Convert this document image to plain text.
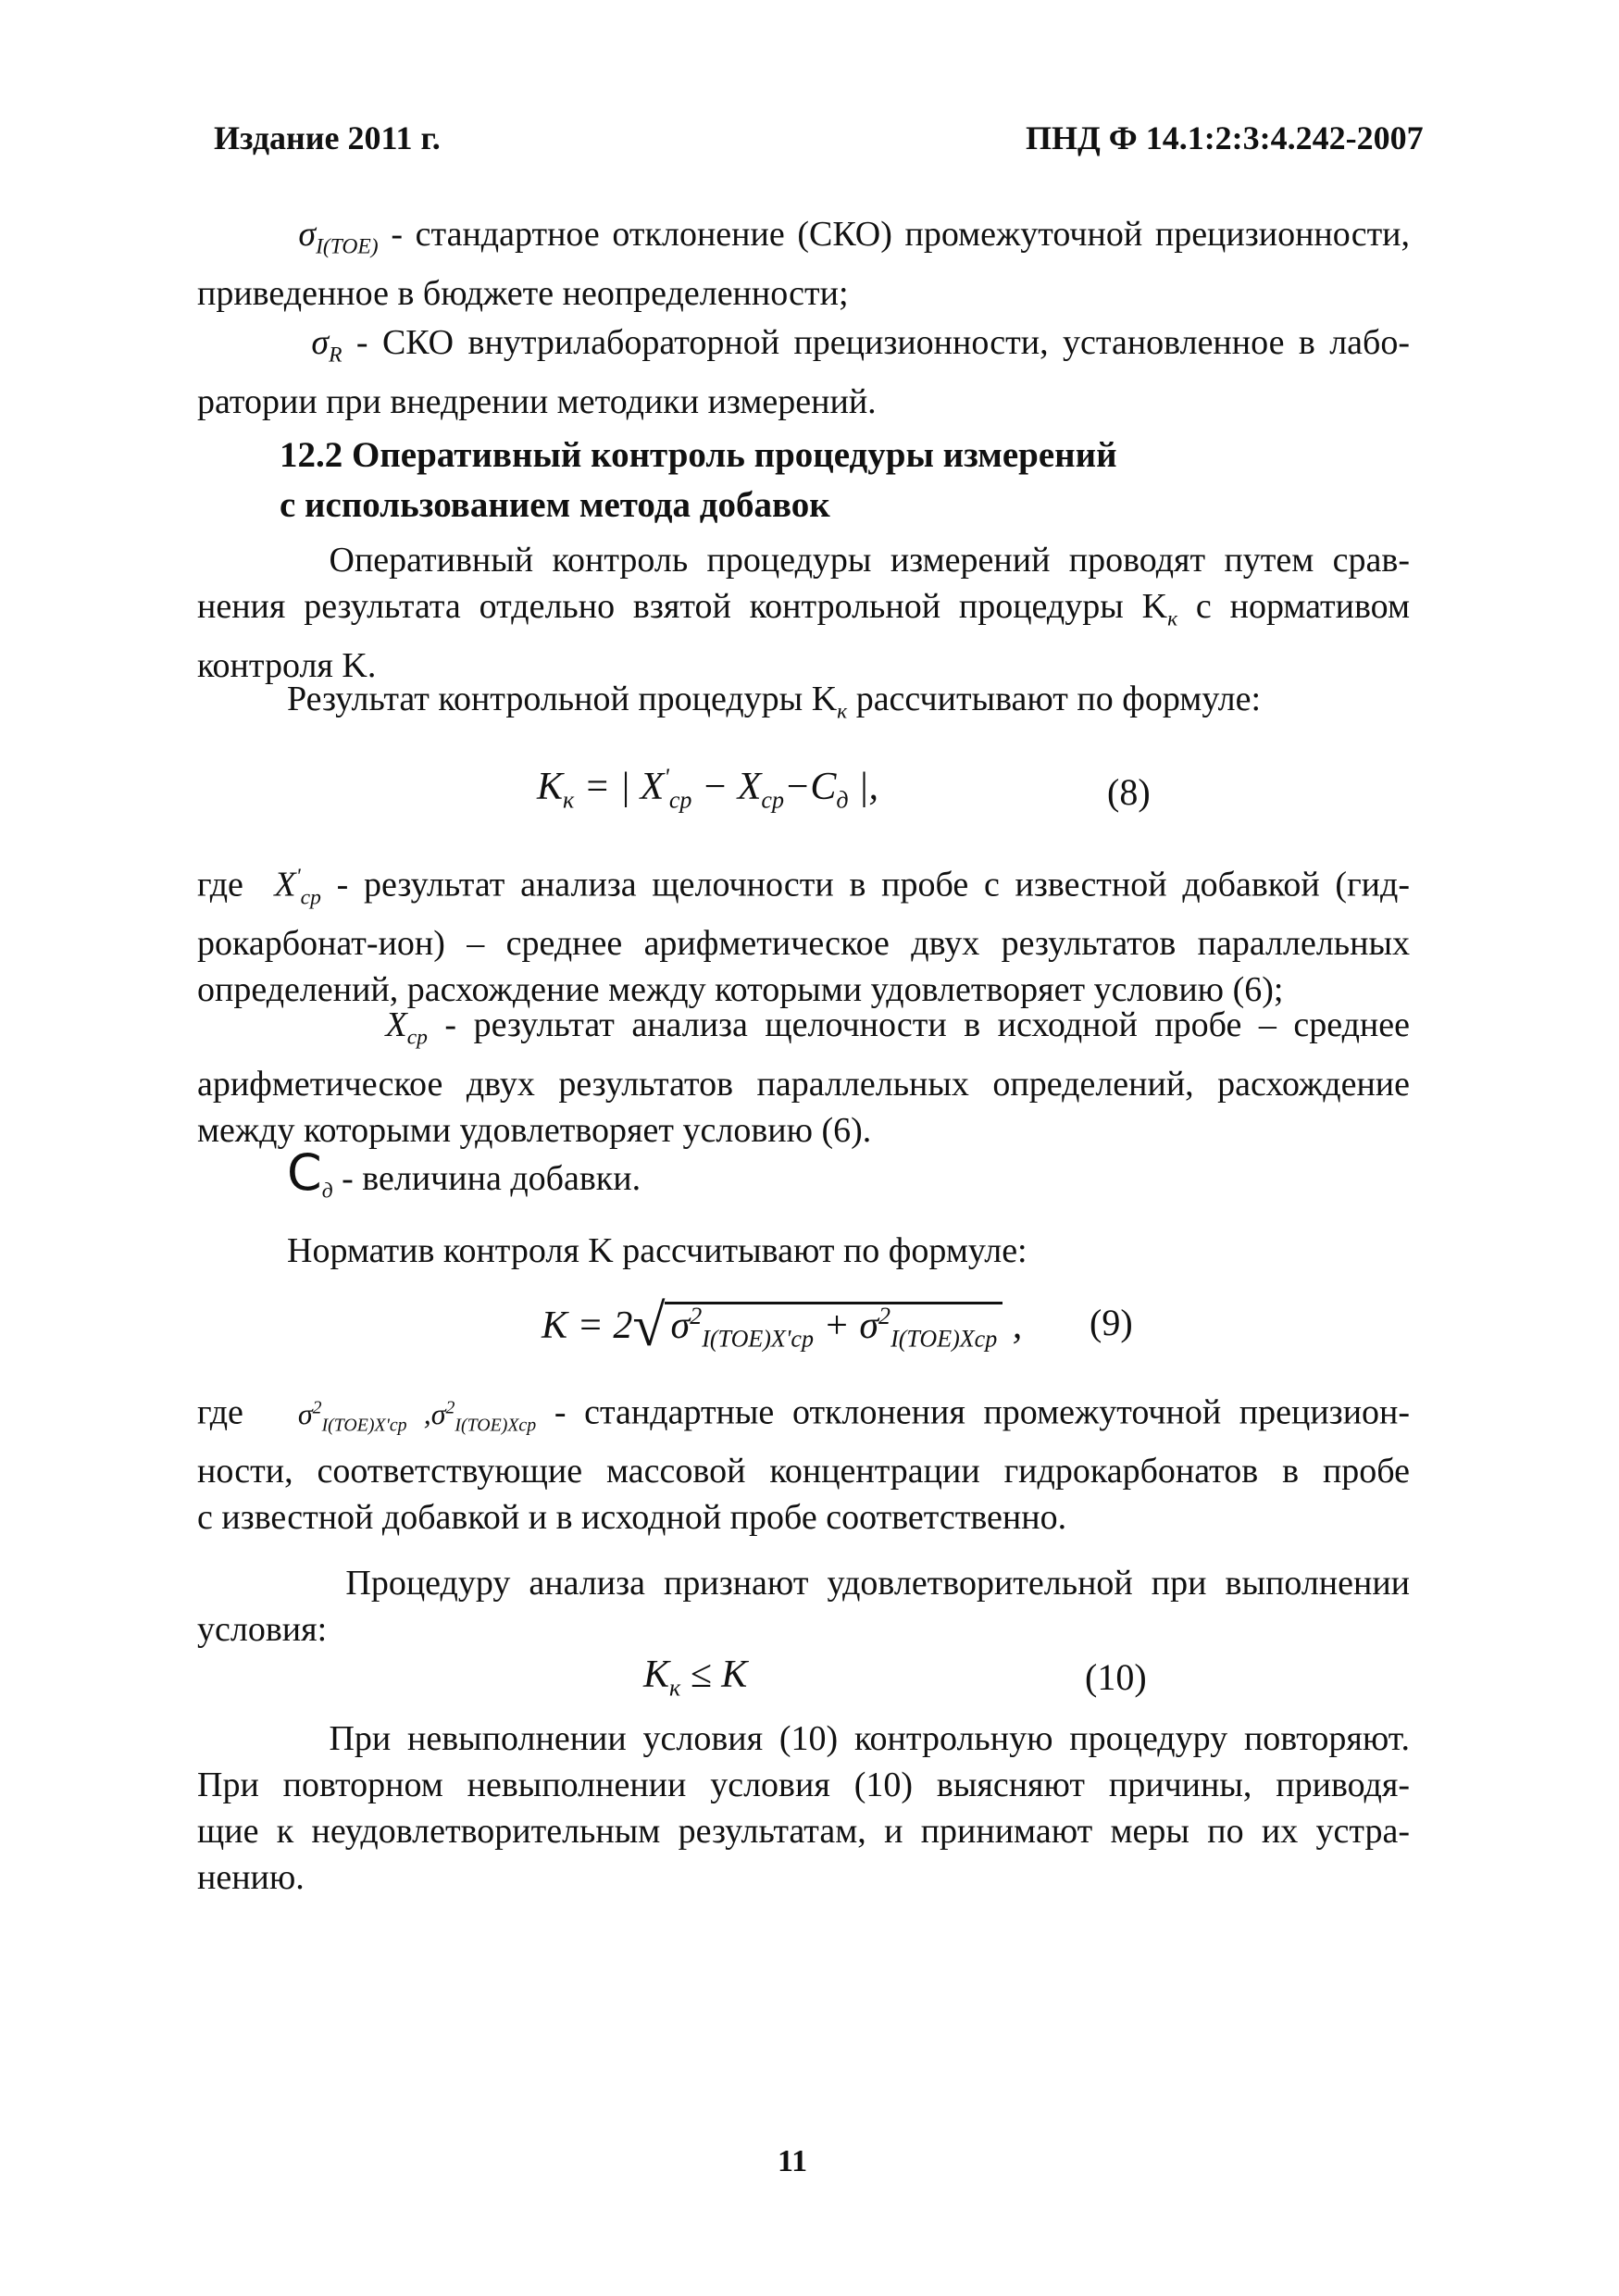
Издание 2011 г.	ПНД Ф 14.1:2:3:4.242-2007
$\sigma_{I(TOE)}$ - стандартное отклонение (СКО) промежуточной прецизионности,
приведенное в бюджете неопределенности;
$\sigma_R$ - СКО внутрилабораторной прецизионности, установленное в лабо-
ратории при внедрении методики измерений.
12.2 Оперативный контроль процедуры измерений
с использованием метода добавок
Оперативный контроль процедуры измерений проводят путем срав-
нения результата отдельно взятой контрольной процедуры $K_к$ с нормативом
контроля K.
Результат контрольной процедуры $K_к$ рассчитывают по формуле:
$K_к$ = | $X'_{ср} - X_{ср}-C_д$ |,	(8)
где $X'_{ср}$ - результат анализа щелочности в пробе с известной добавкой (гид-
рокарбонат-ион) – среднее арифметическое двух результатов параллельных
определений, расхождение между которыми удовлетворяет условию (6);
$X_{ср}$ - результат анализа щелочности в исходной пробе – среднее
арифметическое двух результатов параллельных определений, расхождение
между которыми удовлетворяет условию (6).
$C_д$ - величина добавки.
Норматив контроля K рассчитывают по формуле:
K = 2√ $\sigma^2_{I(TOE)X'ср} + \sigma^2_{I(TOE)Xср}$ , (9)
где $\sigma^2_{I(TOE)X'ср}$ $,\sigma^2_{I(TOE)Xср}$ - стандартные отклонения промежуточной прецизион-
ности, соответствующие массовой концентрации гидрокарбонатов в пробе
с известной добавкой и в исходной пробе соответственно.
Процедуру анализа признают удовлетворительной при выполнении
условия:
$K_к \le K$	(10)
При невыполнении условия (10) контрольную процедуру повторяют.
При повторном невыполнении условия (10) выясняют причины, приводя-
щие к неудовлетворительным результатам, и принимают меры по их устра-
нению.
11
